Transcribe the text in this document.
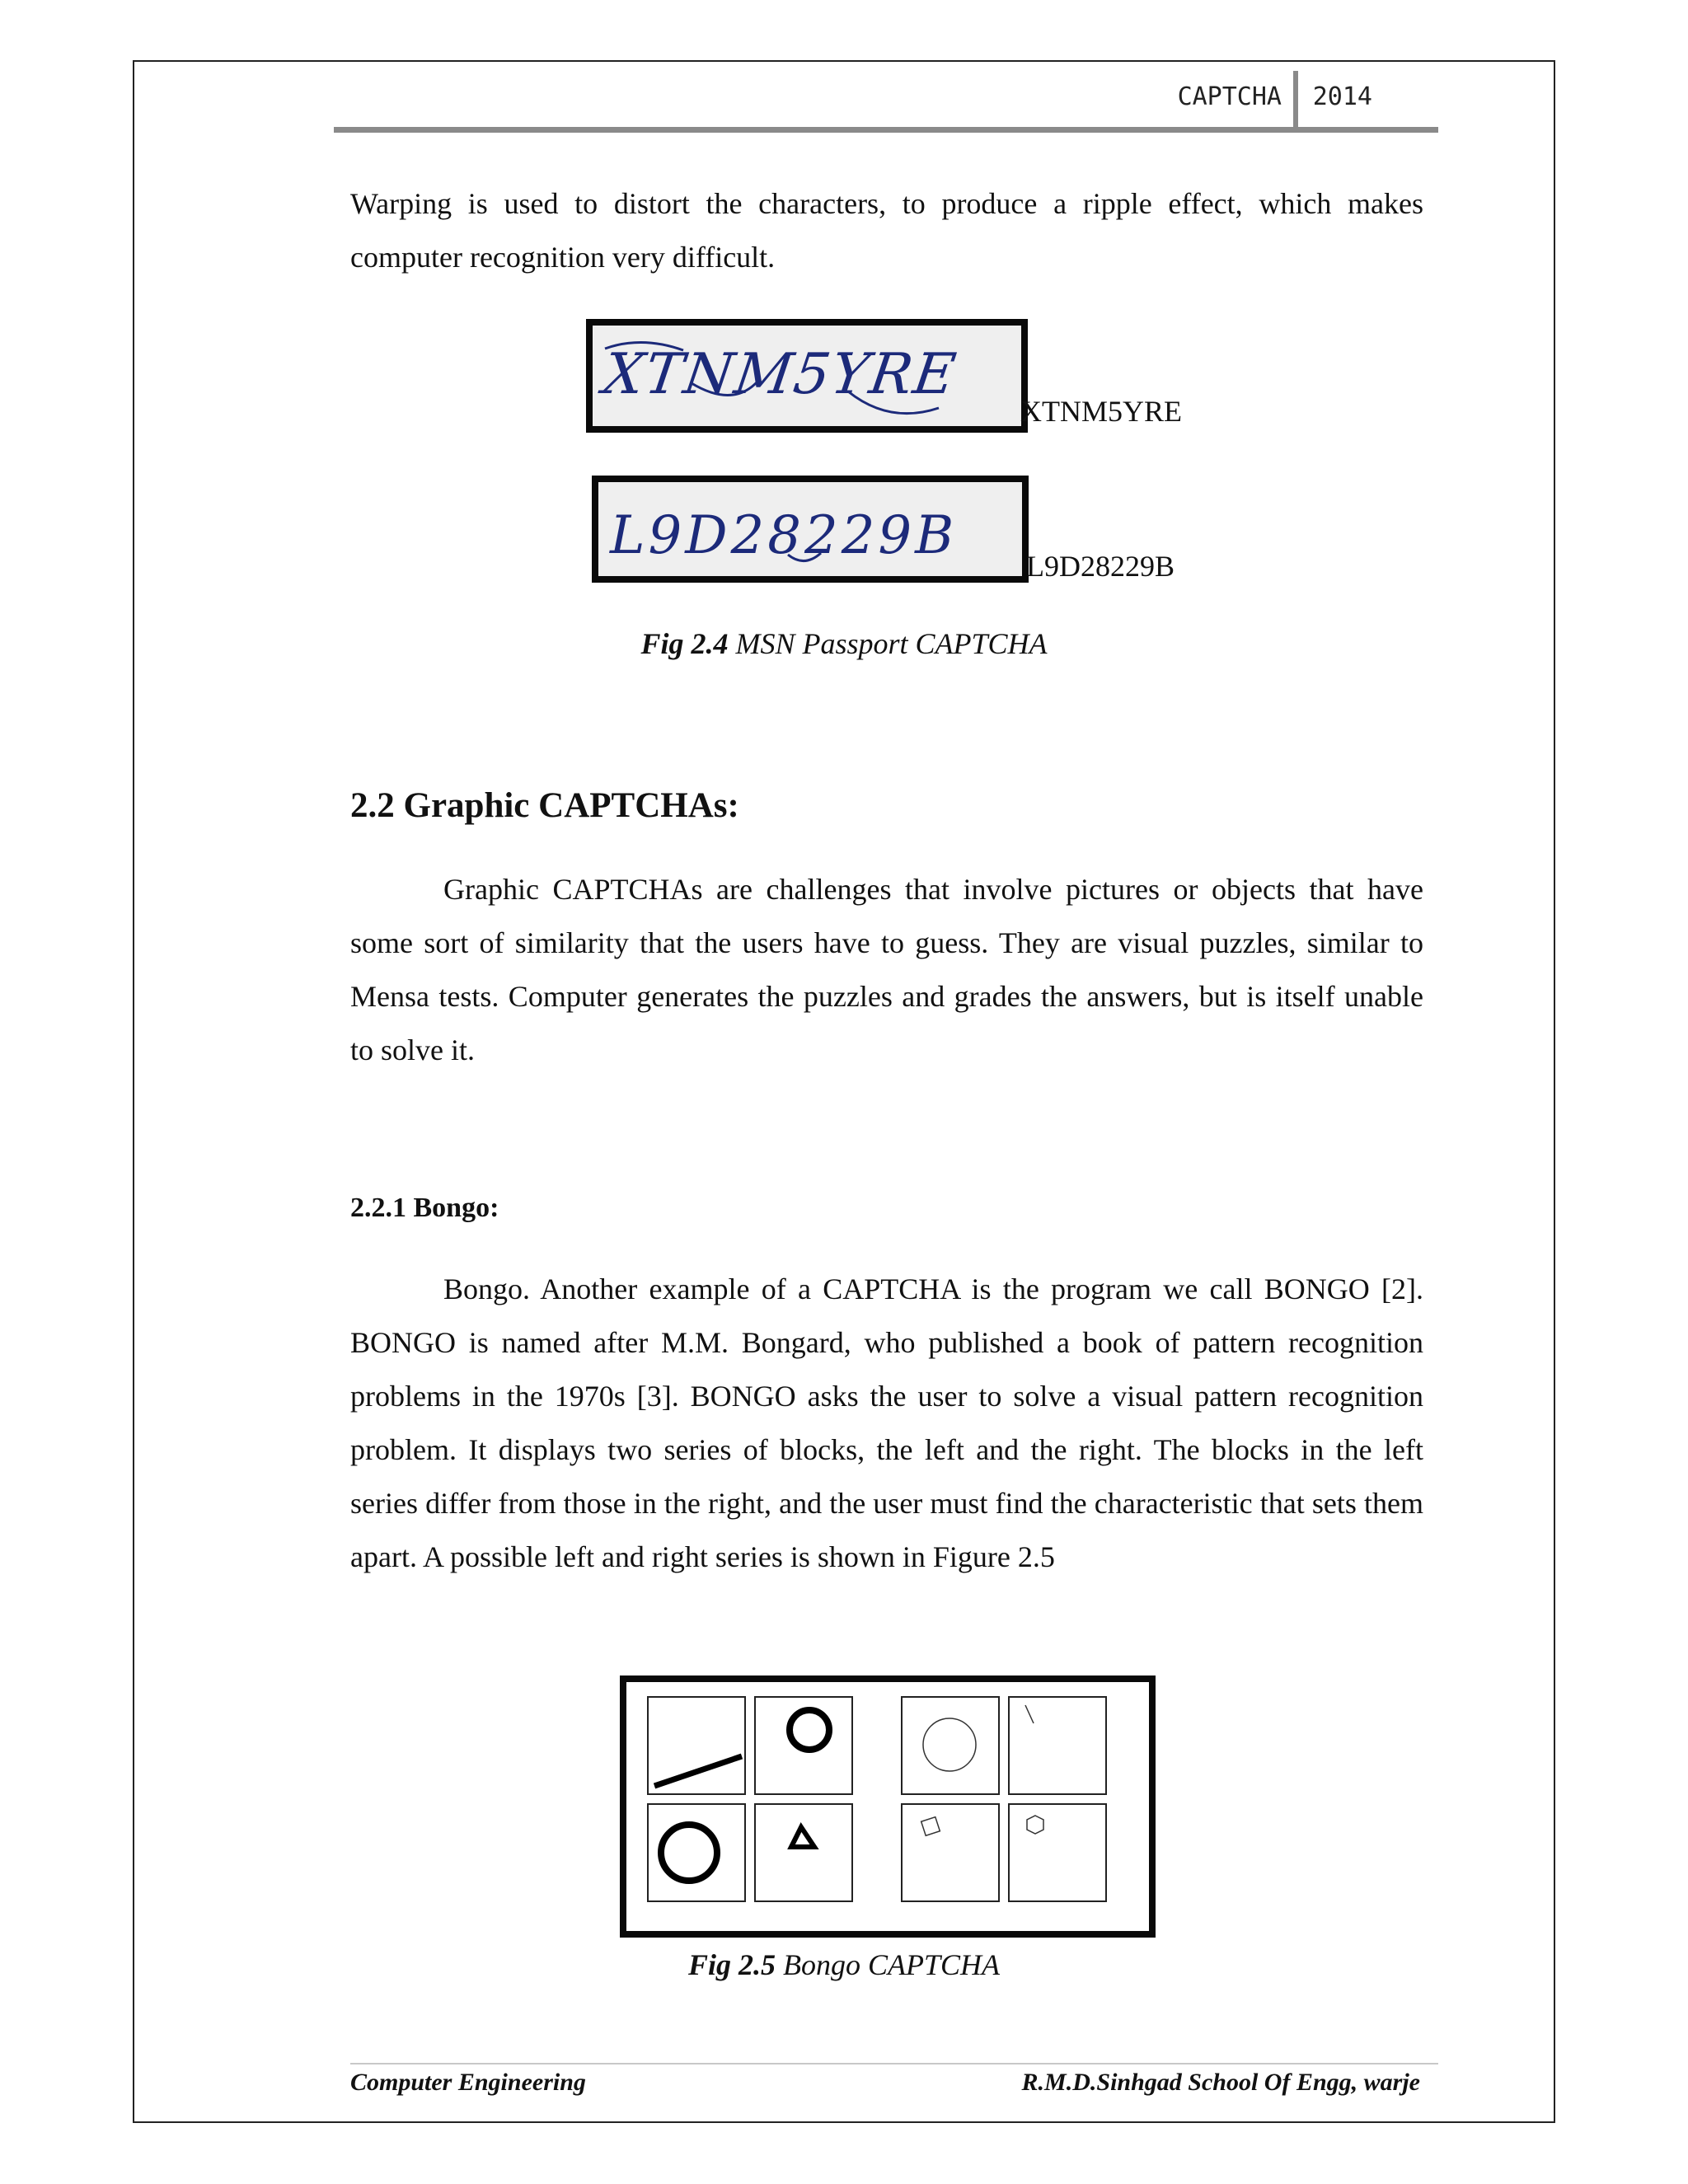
CAPTCHA 2014

Warping is used to distort the characters, to produce a ripple effect, which makes computer recognition very difficult.

XTNM5YRE
XTNM5YRE
L9D28229B L9D28229B
Fig 2.4 MSN Passport CAPTCHA
2.2 Graphic CAPTCHAs:

Graphic CAPTCHAs are challenges that involve pictures or objects that have some sort of similarity that the users have to guess. They are visual puzzles, similar to Mensa tests. Computer generates the puzzles and grades the answers, but is itself unable to solve it.

2.2.1 Bongo:

Bongo. Another example of a CAPTCHA is the program we call BONGO [2]. BONGO is named after M.M. Bongard, who published a book of pattern recognition problems in the 1970s [3]. BONGO asks the user to solve a visual pattern recognition problem. It displays two series of blocks, the left and the right. The blocks in the left series differ from those in the right, and the user must find the characteristic that sets them apart. A possible left and right series is shown in Figure 2.5

Fig 2.5 Bongo CAPTCHA
Computer Engineering	R.M.D.Sinhgad School Of Engg, warje
